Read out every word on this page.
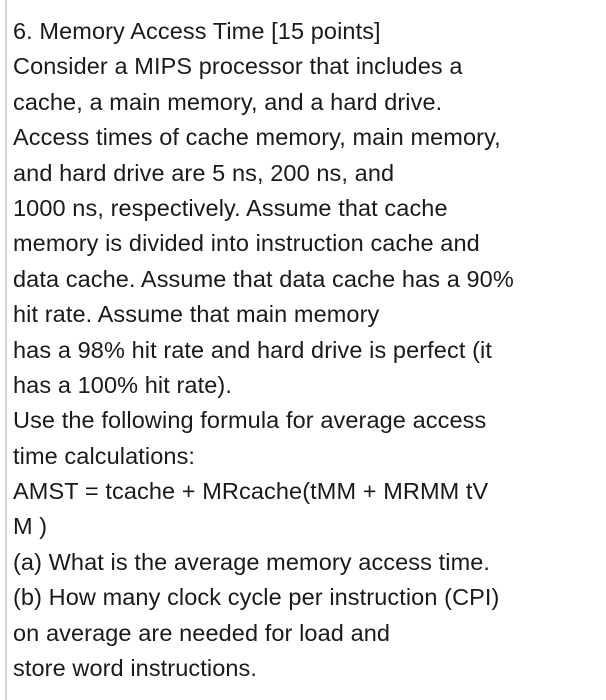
6. Memory Access Time [15 points]
Consider a MIPS processor that includes a
cache, a main memory, and a hard drive.
Access times of cache memory, main memory,
and hard drive are 5 ns, 200 ns, and
1000 ns, respectively. Assume that cache
memory is divided into instruction cache and
data cache. Assume that data cache has a 90%
hit rate. Assume that main memory
has a 98% hit rate and hard drive is perfect (it
has a 100% hit rate).
Use the following formula for average access
time calculations:
AMST = tcache + MRcache(tMM + MRMM tV
M )
(a) What is the average memory access time.
(b) How many clock cycle per instruction (CPI)
on average are needed for load and
store word instructions.
